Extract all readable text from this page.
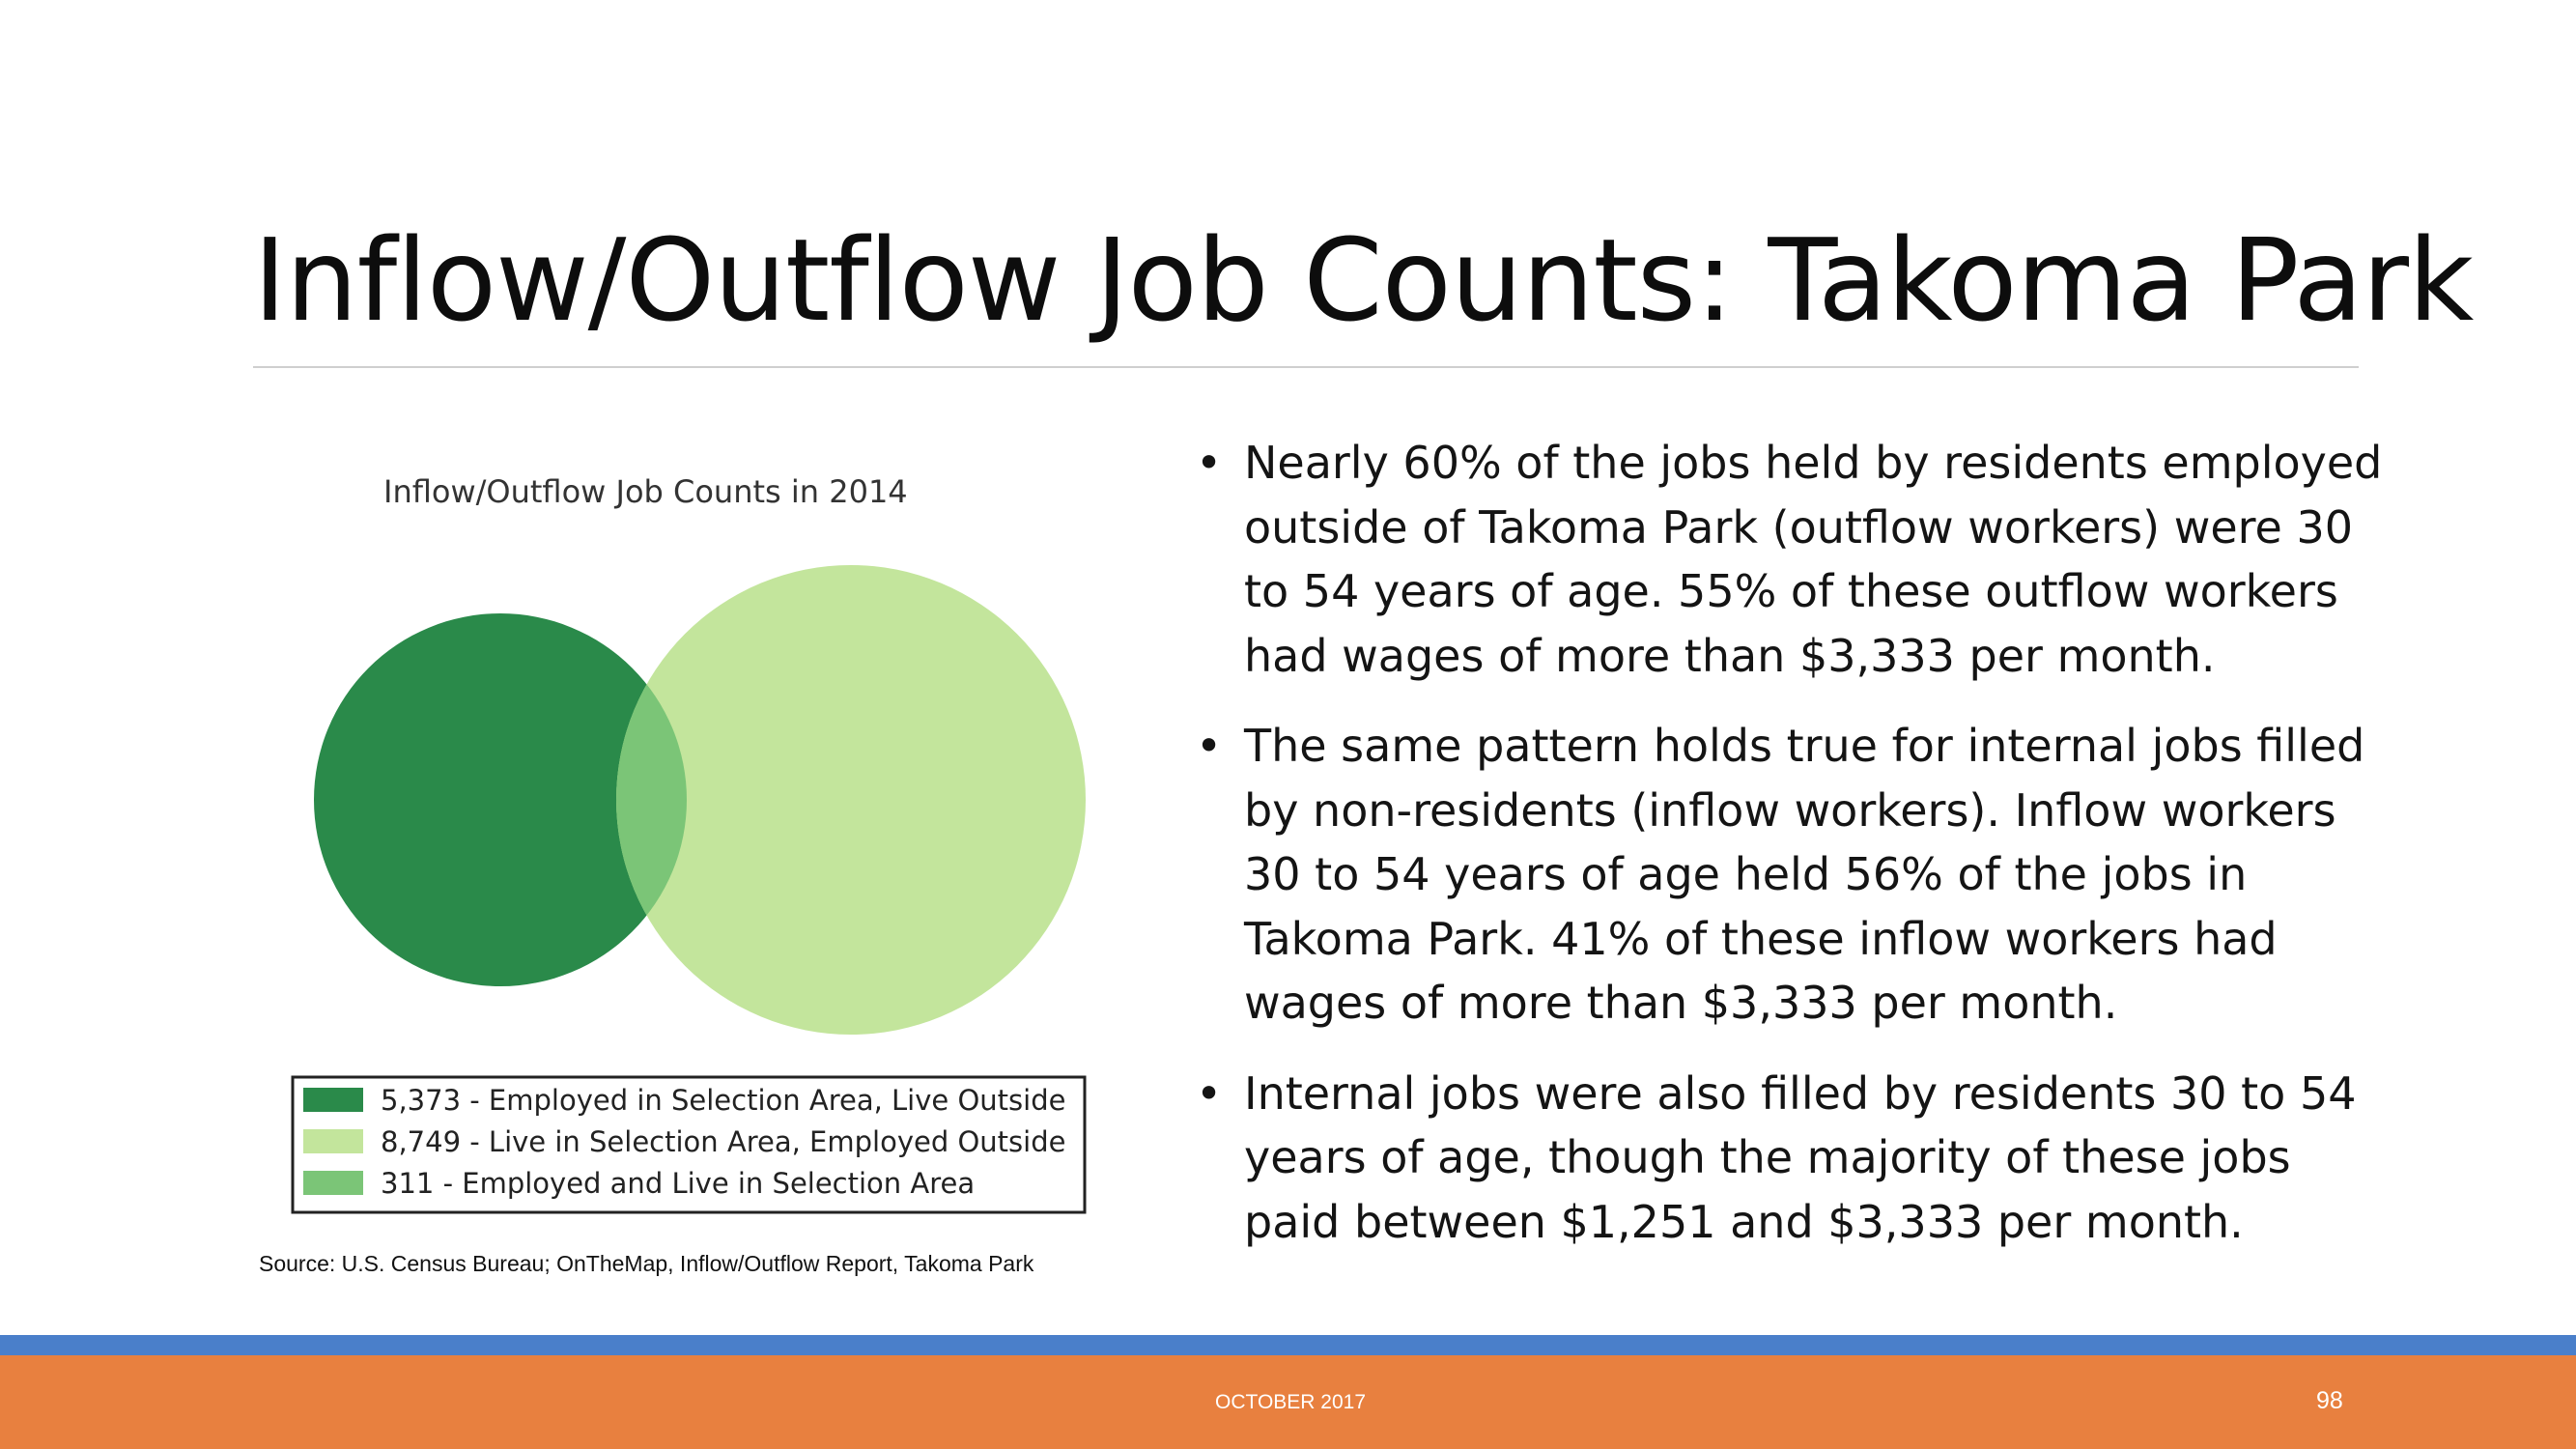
Inflow/Outflow Job Counts: Takoma Park
Inflow/Outflow Job Counts in 2014
5,373 - Employed in Selection Area, Live Outside
8,749 - Live in Selection Area, Employed Outside
311 - Employed and Live in Selection Area
Source: U.S. Census Bureau; OnTheMap, Inflow/Outflow Report, Takoma Park
• Nearly 60% of the jobs held by residents employed outside of Takoma Park (outflow workers) were 30 to 54 years of age. 55% of these outflow workers had wages of more than $3,333 per month.
• The same pattern holds true for internal jobs filled by non-residents (inflow workers). Inflow workers 30 to 54 years of age held 56% of the jobs in Takoma Park. 41% of these inflow workers had wages of more than $3,333 per month.
• Internal jobs were also filled by residents 30 to 54 years of age, though the majority of these jobs paid between $1,251 and $3,333 per month.
OCTOBER 2017	98
